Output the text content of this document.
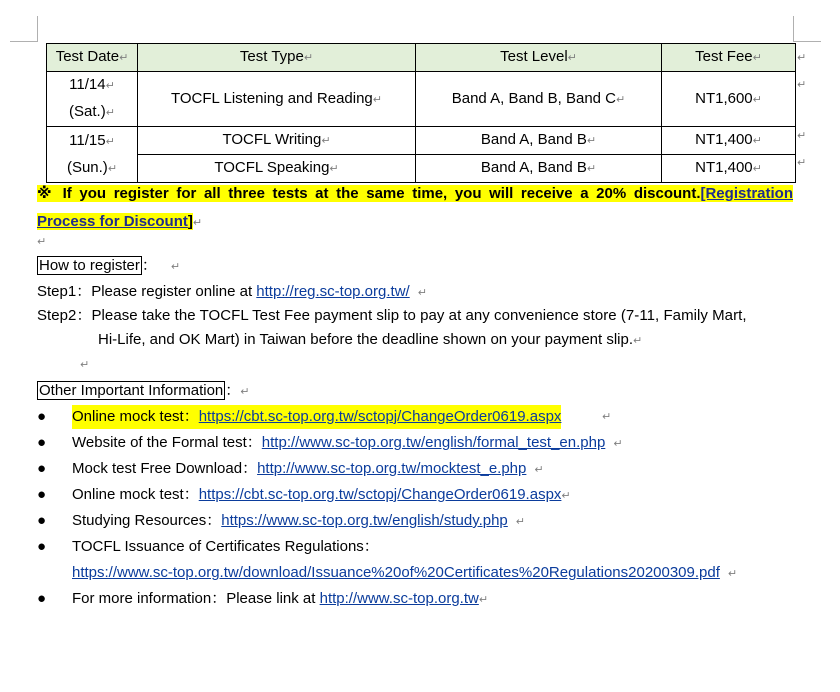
Test Date↵	Test Type↵	Test Level↵	Test Fee↵

11/14↵
(Sat.)↵	TOCFL Listening and Reading↵	Band A, Band B, Band C↵	NT1,600↵

11/15↵
(Sun.)↵	TOCFL Writing↵	Band A, Band B↵	NT1,400↵
	TOCFL Speaking↵	Band A, Band B↵	NT1,400↵
↵
↵
↵
↵
※ If you register for all three tests at the same time, you will receive a 20% discount.[Registration Process for Discount]↵
↵
How to register ： ↵
Step1：Please register online at http://reg.sc-top.org.tw/ ↵
Step2：Please take the TOCFL Test Fee payment slip to pay at any convenience store (7-11, Family Mart,
Hi-Life, and OK Mart) in Taiwan before the deadline shown on your payment slip.↵
↵
Other Important Information ：↵
●	Online mock test：https://cbt.sc-top.org.tw/sctopj/ChangeOrder0619.aspx	↵
●	Website of the Formal test：http://www.sc-top.org.tw/english/formal_test_en.php ↵
●	Mock test Free Download：http://www.sc-top.org.tw/mocktest_e.php ↵
●	Online mock test：https://cbt.sc-top.org.tw/sctopj/ChangeOrder0619.aspx↵
●	Studying Resources：https://www.sc-top.org.tw/english/study.php ↵
●	TOCFL Issuance of Certificates Regulations：
https://www.sc-top.org.tw/download/Issuance%20of%20Certificates%20Regulations20200309.pdf ↵
●	For more information：Please link at http://www.sc-top.org.tw↵
